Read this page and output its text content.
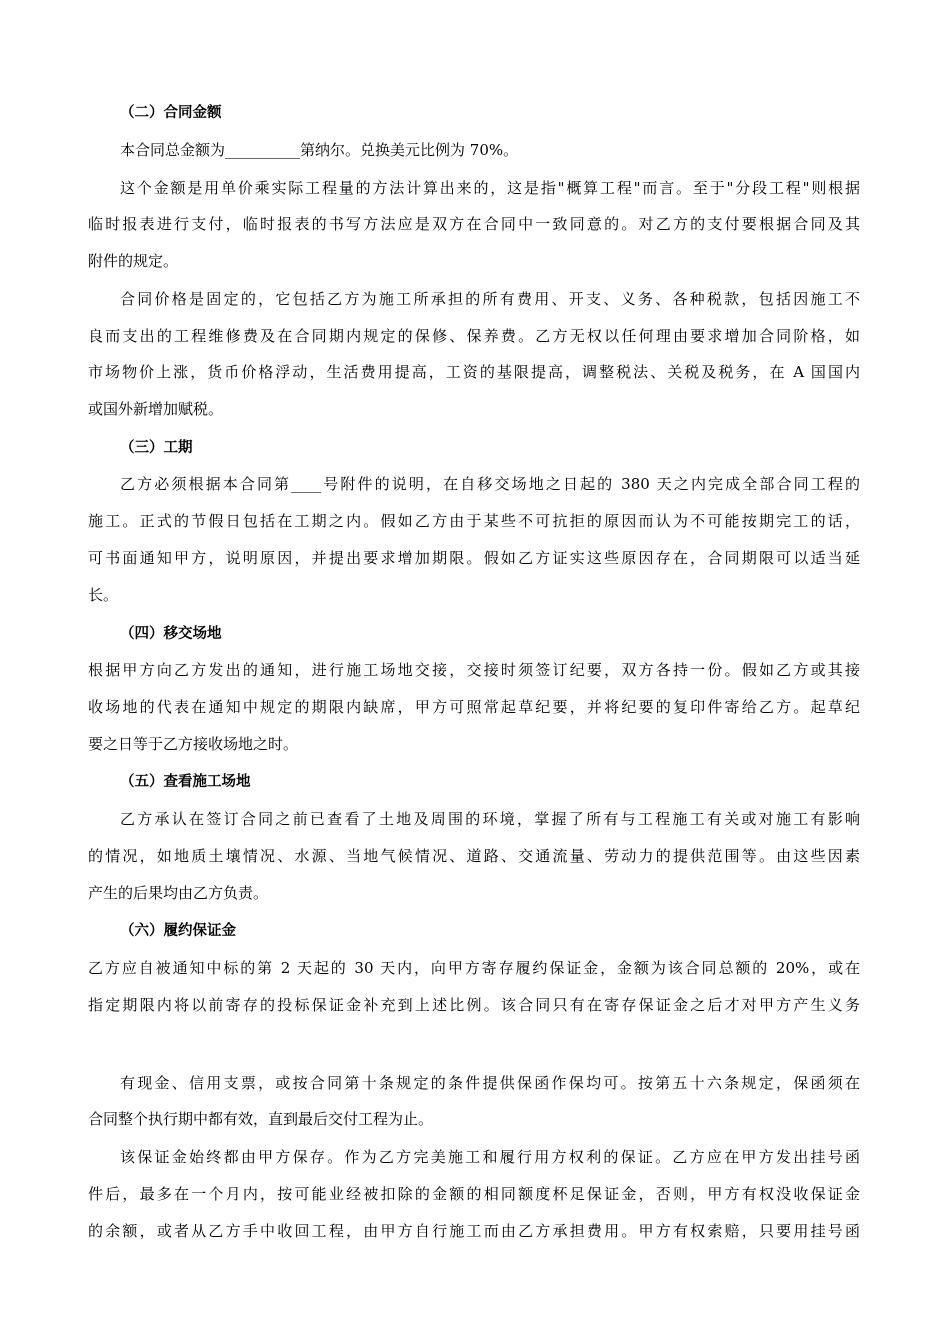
（二）合同金额
本合同总金额为__________第纳尔。兑换美元比例为 70%。
这个金额是用单价乘实际工程量的方法计算出来的，这是指"概算工程"而言。至于"分段工程"则根据
临时报表进行支付，临时报表的书写方法应是双方在合同中一致同意的。对乙方的支付要根据合同及其
附件的规定。
合同价格是固定的，它包括乙方为施工所承担的所有费用、开支、义务、各种税款，包括因施工不
良而支出的工程维修费及在合同期内规定的保修、保养费。乙方无权以任何理由要求增加合同阶格，如
市场物价上涨，货币价格浮动，生活费用提高，工资的基限提高，调整税法、关税及税务，在 A 国国内
或国外新增加赋税。
（三）工期
乙方必须根据本合同第____号附件的说明，在自移交场地之日起的 380 天之内完成全部合同工程的
施工。正式的节假日包括在工期之内。假如乙方由于某些不可抗拒的原因而认为不可能按期完工的话，
可书面通知甲方，说明原因，并提出要求增加期限。假如乙方证实这些原因存在，合同期限可以适当延
长。
（四）移交场地
根据甲方向乙方发出的通知，进行施工场地交接，交接时须签订纪要，双方各持一份。假如乙方或其接
收场地的代表在通知中规定的期限内缺席，甲方可照常起草纪要，并将纪要的复印件寄给乙方。起草纪
要之日等于乙方接收场地之时。
（五）查看施工场地
乙方承认在签订合同之前已查看了土地及周围的环境，掌握了所有与工程施工有关或对施工有影响
的情况，如地质土壤情况、水源、当地气候情况、道路、交通流量、劳动力的提供范围等。由这些因素
产生的后果均由乙方负责。
（六）履约保证金
乙方应自被通知中标的第 2 天起的 30 天内，向甲方寄存履约保证金，金额为该合同总额的 20%，或在
指定期限内将以前寄存的投标保证金补充到上述比例。该合同只有在寄存保证金之后才对甲方产生义务
有现金、信用支票，或按合同第十条规定的条件提供保函作保均可。按第五十六条规定，保函须在
合同整个执行期中都有效，直到最后交付工程为止。
该保证金始终都由甲方保存。作为乙方完美施工和履行用方权利的保证。乙方应在甲方发出挂号函
件后，最多在一个月内，按可能业经被扣除的金额的相同额度杯足保证金，否则，甲方有权没收保证金
的余额，或者从乙方手中收回工程，由甲方自行施工而由乙方承担费用。甲方有权索赔，只要用挂号函
